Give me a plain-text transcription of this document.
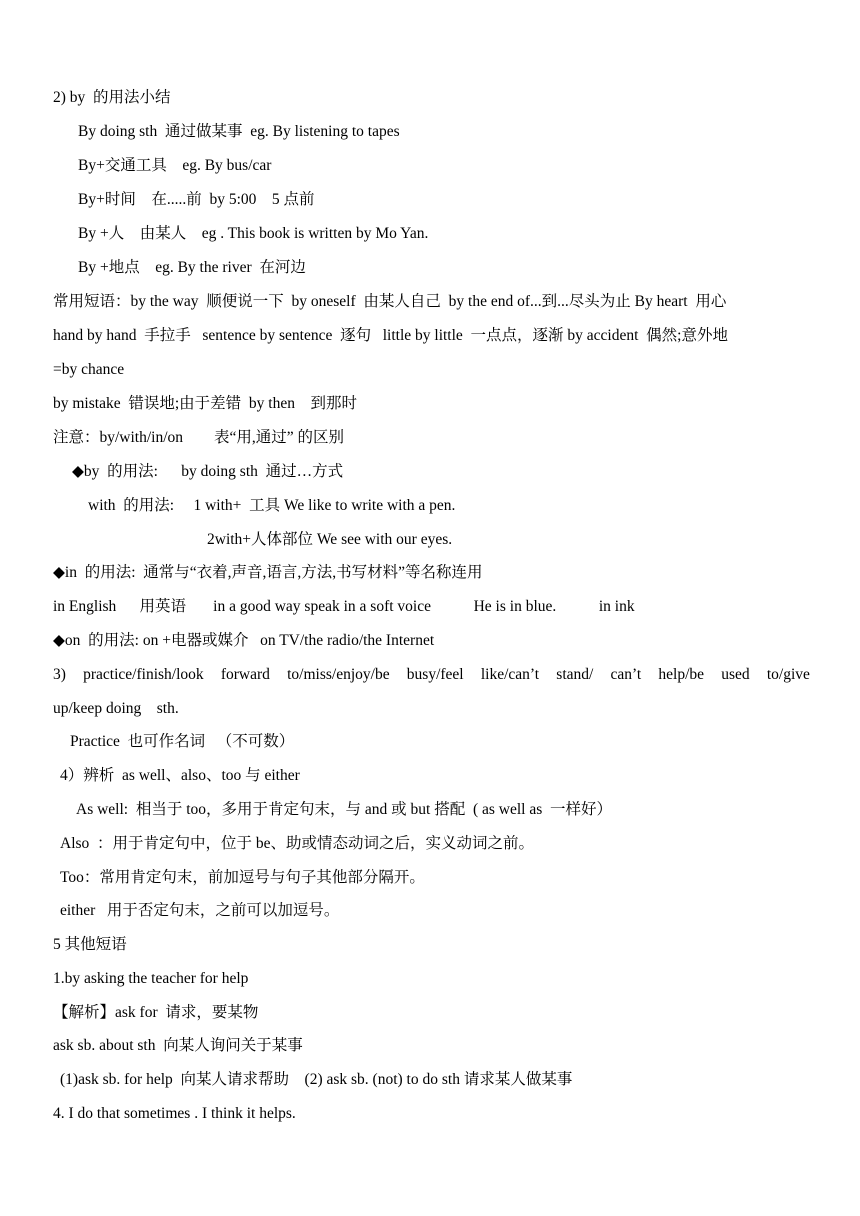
2) by  的用法小结
By doing sth  通过做某事  eg. By listening to tapes
By+交通工具    eg. By bus/car
By+时间    在.....前  by 5:00    5 点前
By +人    由某人    eg . This book is written by Mo Yan.
By +地点    eg. By the river  在河边
常用短语：by the way  顺便说一下  by oneself  由某人自己  by the end of...到...尽头为止 By heart  用心
hand by hand  手拉手   sentence by sentence  逐句   little by little  一点点，逐渐 by accident  偶然;意外地
=by chance
by mistake  错误地;由于差错  by then    到那时
注意：by/with/in/on        表“用,通过” 的区别
◆by  的用法:      by doing sth  通过…方式
with  的用法:     1 with+  工具 We like to write with a pen.
2with+人体部位 We see with our eyes.
◆in  的用法:  通常与“衣着,声音,语言,方法,书写材料”等名称连用
in English      用英语       in a good way speak in a soft voice           He is in blue.           in ink
◆on  的用法: on +电器或媒介   on TV/the radio/the Internet
3) practice/finish/look forward to/miss/enjoy/be busy/feel like/can’t stand/ can’t help/be used to/give
up/keep doing    sth.
Practice  也可作名词   （不可数）
4）辨析  as well、also、too 与 either
As well:  相当于 too，多用于肯定句末，与 and 或 but 搭配  ( as well as  一样好）
Also  ：用于肯定句中，位于 be、助或情态动词之后，实义动词之前。
Too：常用肯定句末，前加逗号与句子其他部分隔开。
either   用于否定句末，之前可以加逗号。
5 其他短语
1.by asking the teacher for help
【解析】ask for  请求，要某物
ask sb. about sth  向某人询问关于某事
(1)ask sb. for help  向某人请求帮助    (2) ask sb. (not) to do sth 请求某人做某事
4. I do that sometimes . I think it helps.
